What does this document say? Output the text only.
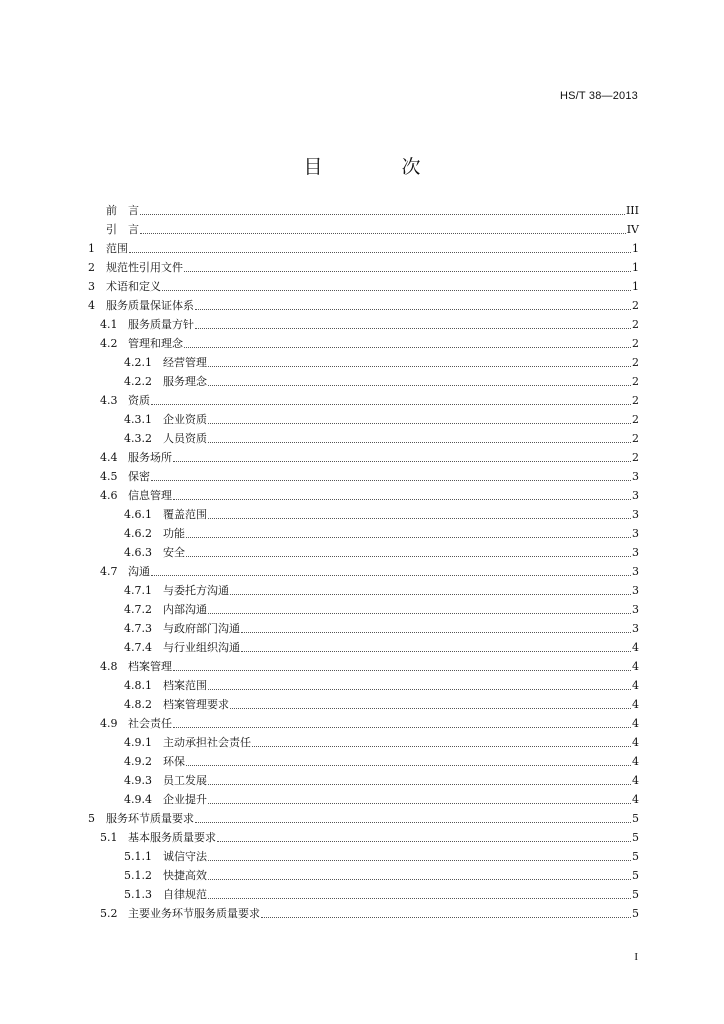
HS/T 38—2013
目　次
前　言	III
引　言	IV
1	范围	1
2	规范性引用文件	1
3	术语和定义	1
4	服务质量保证体系	2
4.1 服务质量方针	2
4.2 管理和理念	2
4.2.1	经营管理	2
4.2.2	服务理念	2
4.3 资质	2
4.3.1	企业资质	2
4.3.2	人员资质	2
4.4 服务场所	2
4.5 保密	3
4.6 信息管理	3
4.6.1	覆盖范围	3
4.6.2	功能	3
4.6.3	安全	3
4.7 沟通	3
4.7.1	与委托方沟通	3
4.7.2	内部沟通	3
4.7.3	与政府部门沟通	3
4.7.4	与行业组织沟通	4
4.8 档案管理	4
4.8.1	档案范围	4
4.8.2	档案管理要求	4
4.9 社会责任	4
4.9.1	主动承担社会责任	4
4.9.2	环保	4
4.9.3	员工发展	4
4.9.4	企业提升	4
5	服务环节质量要求	5
5.1 基本服务质量要求	5
5.1.1	诚信守法	5
5.1.2	快捷高效	5
5.1.3	自律规范	5
5.2 主要业务环节服务质量要求	5
I
